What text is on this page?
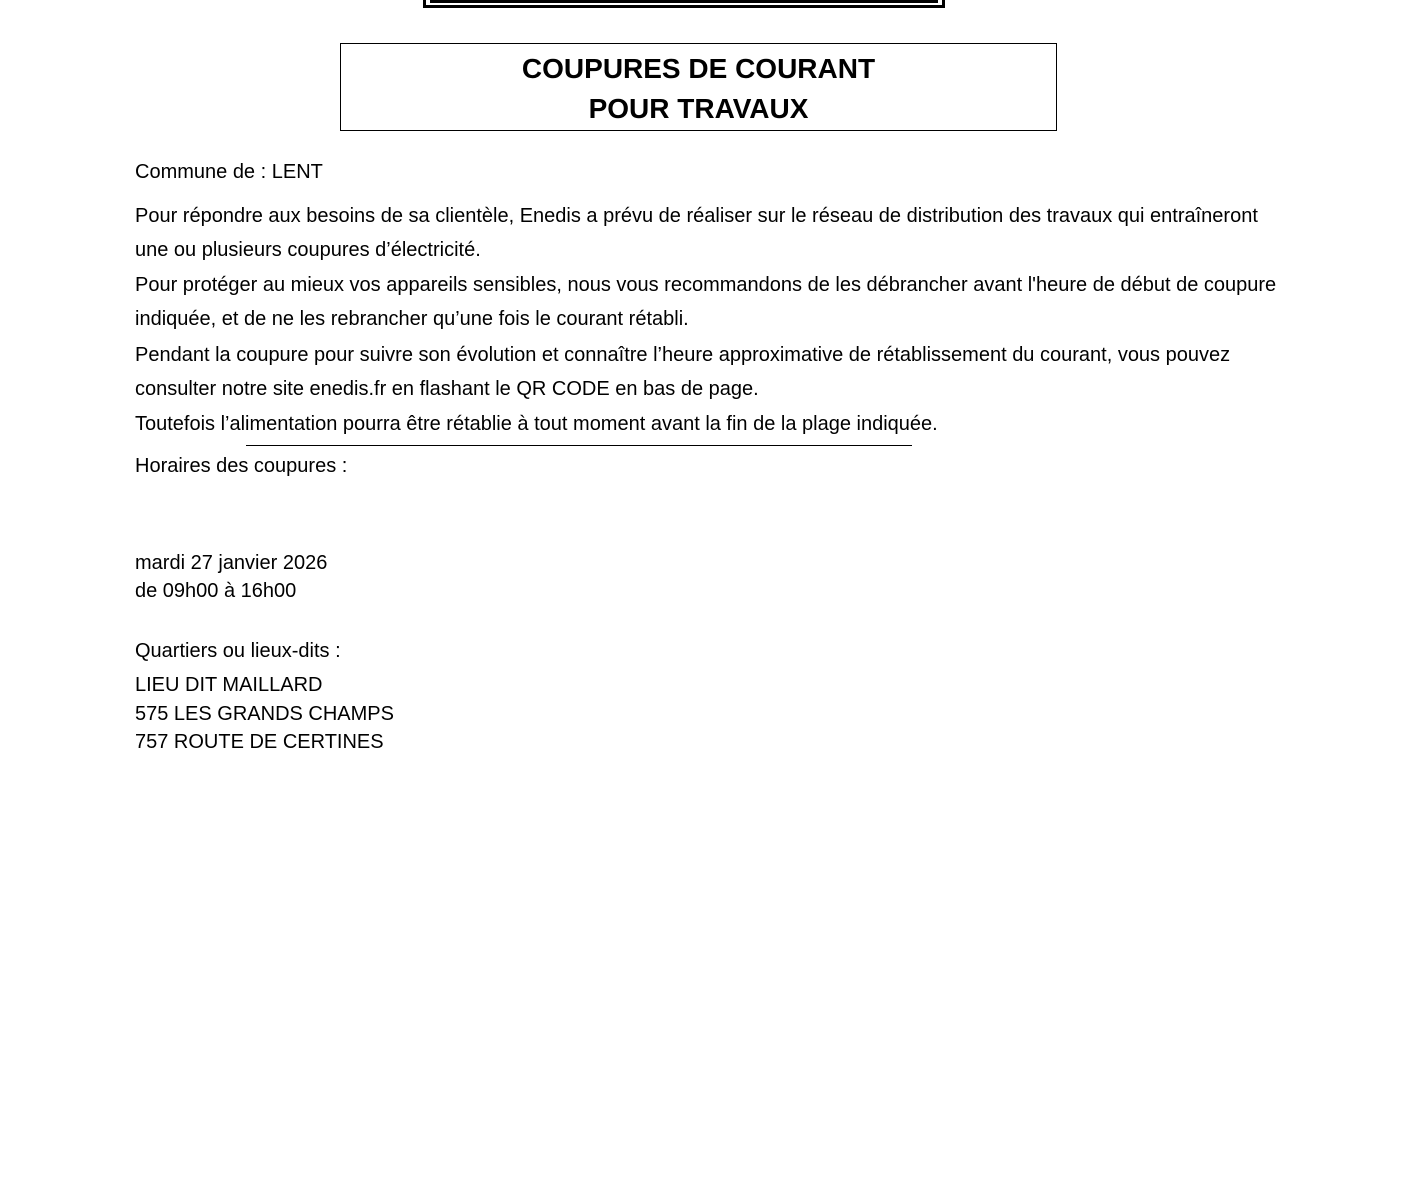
COUPURES DE COURANT
POUR TRAVAUX
Commune de : LENT
Pour répondre aux besoins de sa clientèle, Enedis a prévu de réaliser sur le réseau de distribution des travaux qui entraîneront une ou plusieurs coupures d’électricité.
Pour protéger au mieux vos appareils sensibles, nous vous recommandons de les débrancher avant l'heure de début de coupure indiquée, et de ne les rebrancher qu’une fois le courant rétabli.
Pendant la coupure pour suivre son évolution et connaître l’heure approximative de rétablissement du courant, vous pouvez consulter notre site enedis.fr en flashant le QR CODE en bas de page.
Toutefois l’alimentation pourra être rétablie à tout moment avant la fin de la plage indiquée.
Horaires des coupures :
mardi 27 janvier 2026
de 09h00 à 16h00
Quartiers ou lieux-dits :
LIEU DIT MAILLARD
575 LES GRANDS CHAMPS
757 ROUTE DE CERTINES
